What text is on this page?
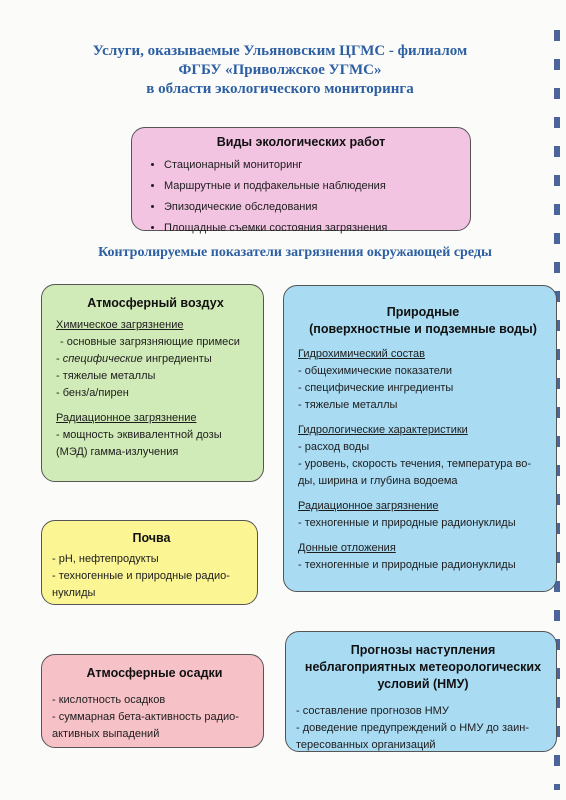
Услуги, оказываемые Ульяновским ЦГМС - филиалом
ФГБУ «Приволжское УГМС»
в области экологического мониторинга
Виды экологических работ
• Стационарный мониторинг
• Маршрутные и подфакельные наблюдения
• Эпизодические обследования
• Площадные съемки состояния загрязнения
Контролируемые показатели загрязнения окружающей среды
Атмосферный воздух
Химическое загрязнение
- основные загрязняющие примеси
- специфические ингредиенты
- тяжелые металлы
- бенз/а/пирен
Радиационное загрязнение
- мощность эквивалентной дозы
(МЭД) гамма-излучения
Природные
(поверхностные и подземные воды)
Гидрохимический состав
- общехимические показатели
- специфические ингредиенты
- тяжелые металлы
Гидрологические характеристики
- расход воды
- уровень, скорость течения, температура во-
ды, ширина и глубина водоема
Радиационное загрязнение
- техногенные и природные радионуклиды
Донные отложения
- техногенные и природные радионуклиды
Почва
- рН, нефтепродукты
- техногенные и природные радио-
нуклиды
Атмосферные осадки
- кислотность осадков
- суммарная бета-активность радио-
активных выпадений
Прогнозы наступления
неблагоприятных метеорологических
условий (НМУ)
- составление прогнозов НМУ
- доведение предупреждений о НМУ до заин-
тересованных организаций
